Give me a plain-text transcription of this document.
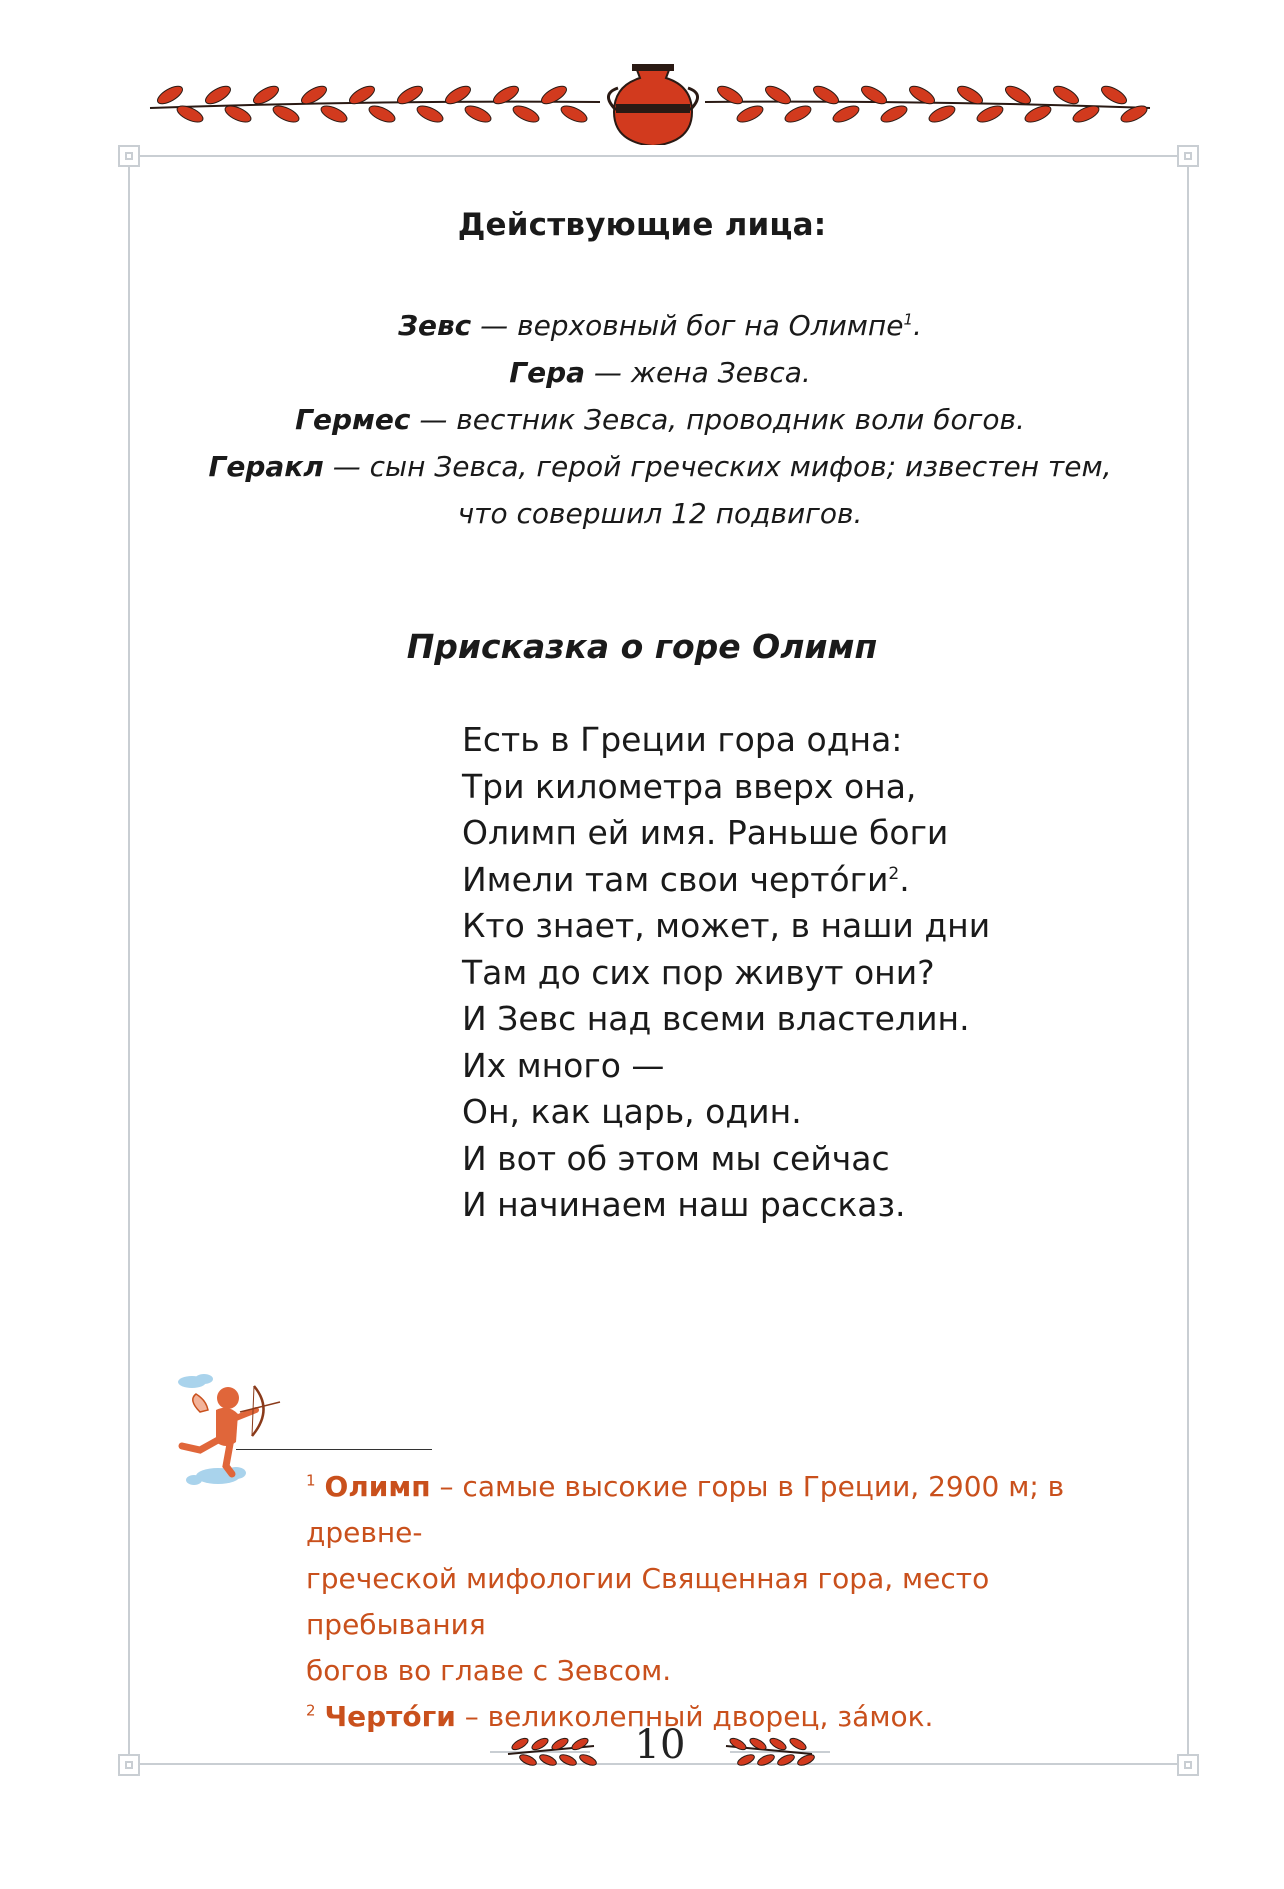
Действующие лица:
Зевс — верховный бог на Олимпе$^1$.
Гера — жена Зевса.
Гермес — вестник Зевса, проводник воли богов.
Геракл — сын Зевса, герой греческих мифов; известен тем,
что совершил 12 подвигов.
Присказка о горе Олимп
Есть в Греции гора одна:
Три километра вверх она,
Олимп ей имя. Раньше боги
Имели там свои чертóги$^2$.
Кто знает, может, в наши дни
Там до сих пор живут они?
И Зевс над всеми властелин.
Их много —
Он, как царь, один.
И вот об этом мы сейчас
И начинаем наш рассказ.
$^1$ Олимп – самые высокие горы в Греции, 2900 м; в древне-
греческой мифологии Священная гора, место пребывания
богов во главе с Зевсом.
$^2$ Чертóги – великолепный дворец, зáмок.
10
